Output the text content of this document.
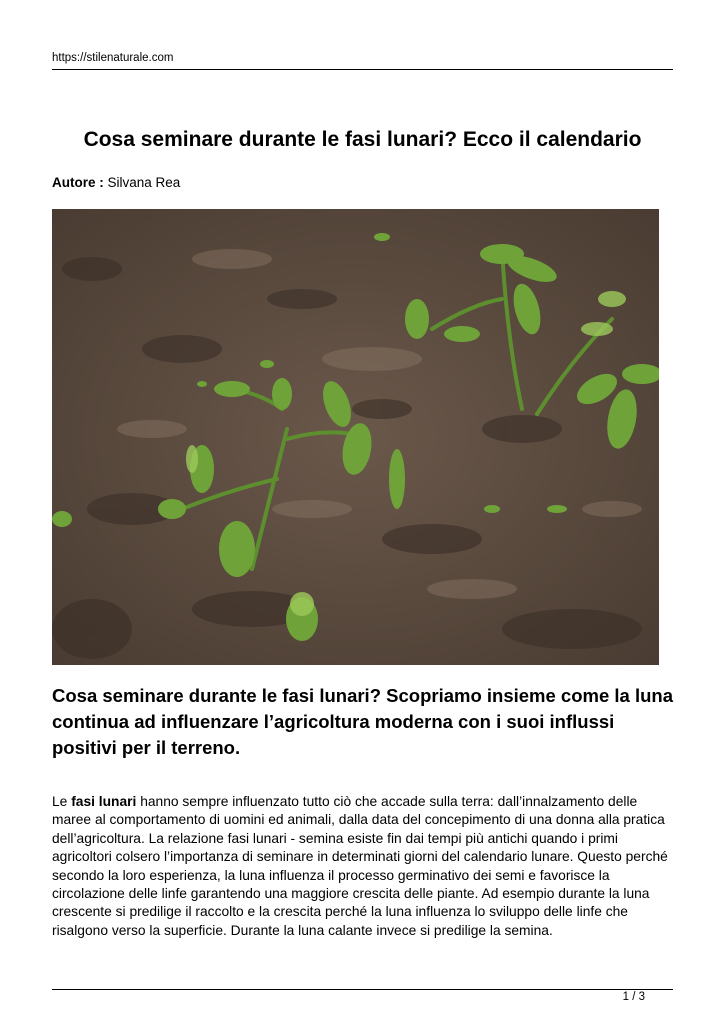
https://stilenaturale.com
Cosa seminare durante le fasi lunari? Ecco il calendario
Autore : Silvana Rea
Cosa seminare durante le fasi lunari? Scopriamo insieme come la luna continua ad influenzare l’agricoltura moderna con i suoi influssi positivi per il terreno.

Le fasi lunari hanno sempre influenzato tutto ciò che accade sulla terra: dall’innalzamento delle maree al comportamento di uomini ed animali, dalla data del concepimento di una donna alla pratica dell’agricoltura. La relazione fasi lunari - semina esiste fin dai tempi più antichi quando i primi agricoltori colsero l’importanza di seminare in determinati giorni del calendario lunare. Questo perché secondo la loro esperienza, la luna influenza il processo germinativo dei semi e favorisce la circolazione delle linfe garantendo una maggiore crescita delle piante. Ad esempio durante la luna crescente si predilige il raccolto e la crescita perché la luna influenza lo sviluppo delle linfe che risalgono verso la superficie. Durante la luna calante invece si predilige la semina.

1 / 3
